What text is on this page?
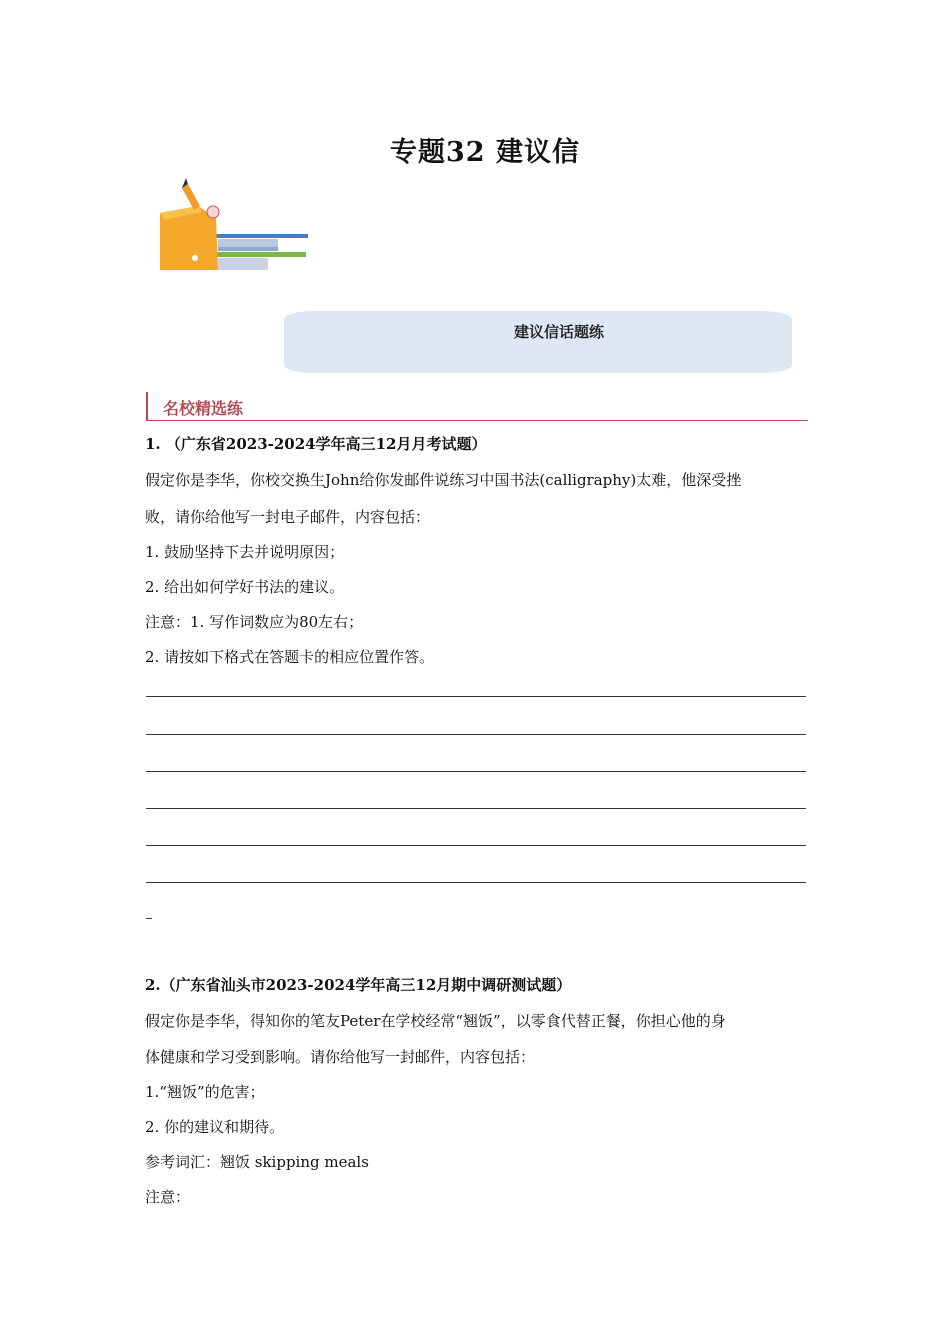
专题32 建议信
建议信话题练
名校精选练
1. （广东省2023-2024学年高三12月月考试题）
假定你是李华，你校交换生John给你发邮件说练习中国书法(calligraphy)太难，他深受挫
败，请你给他写一封电子邮件，内容包括：
1. 鼓励坚持下去并说明原因；
2. 给出如何学好书法的建议。
注意：1. 写作词数应为80左右；
2. 请按如下格式在答题卡的相应位置作答。
2.（广东省汕头市2023-2024学年高三12月期中调研测试题）
假定你是李华，得知你的笔友Peter在学校经常“翘饭”，以零食代替正餐，你担心他的身
体健康和学习受到影响。请你给他写一封邮件，内容包括：
1.“翘饭”的危害；
2. 你的建议和期待。
参考词汇：翘饭 skipping meals
注意：
